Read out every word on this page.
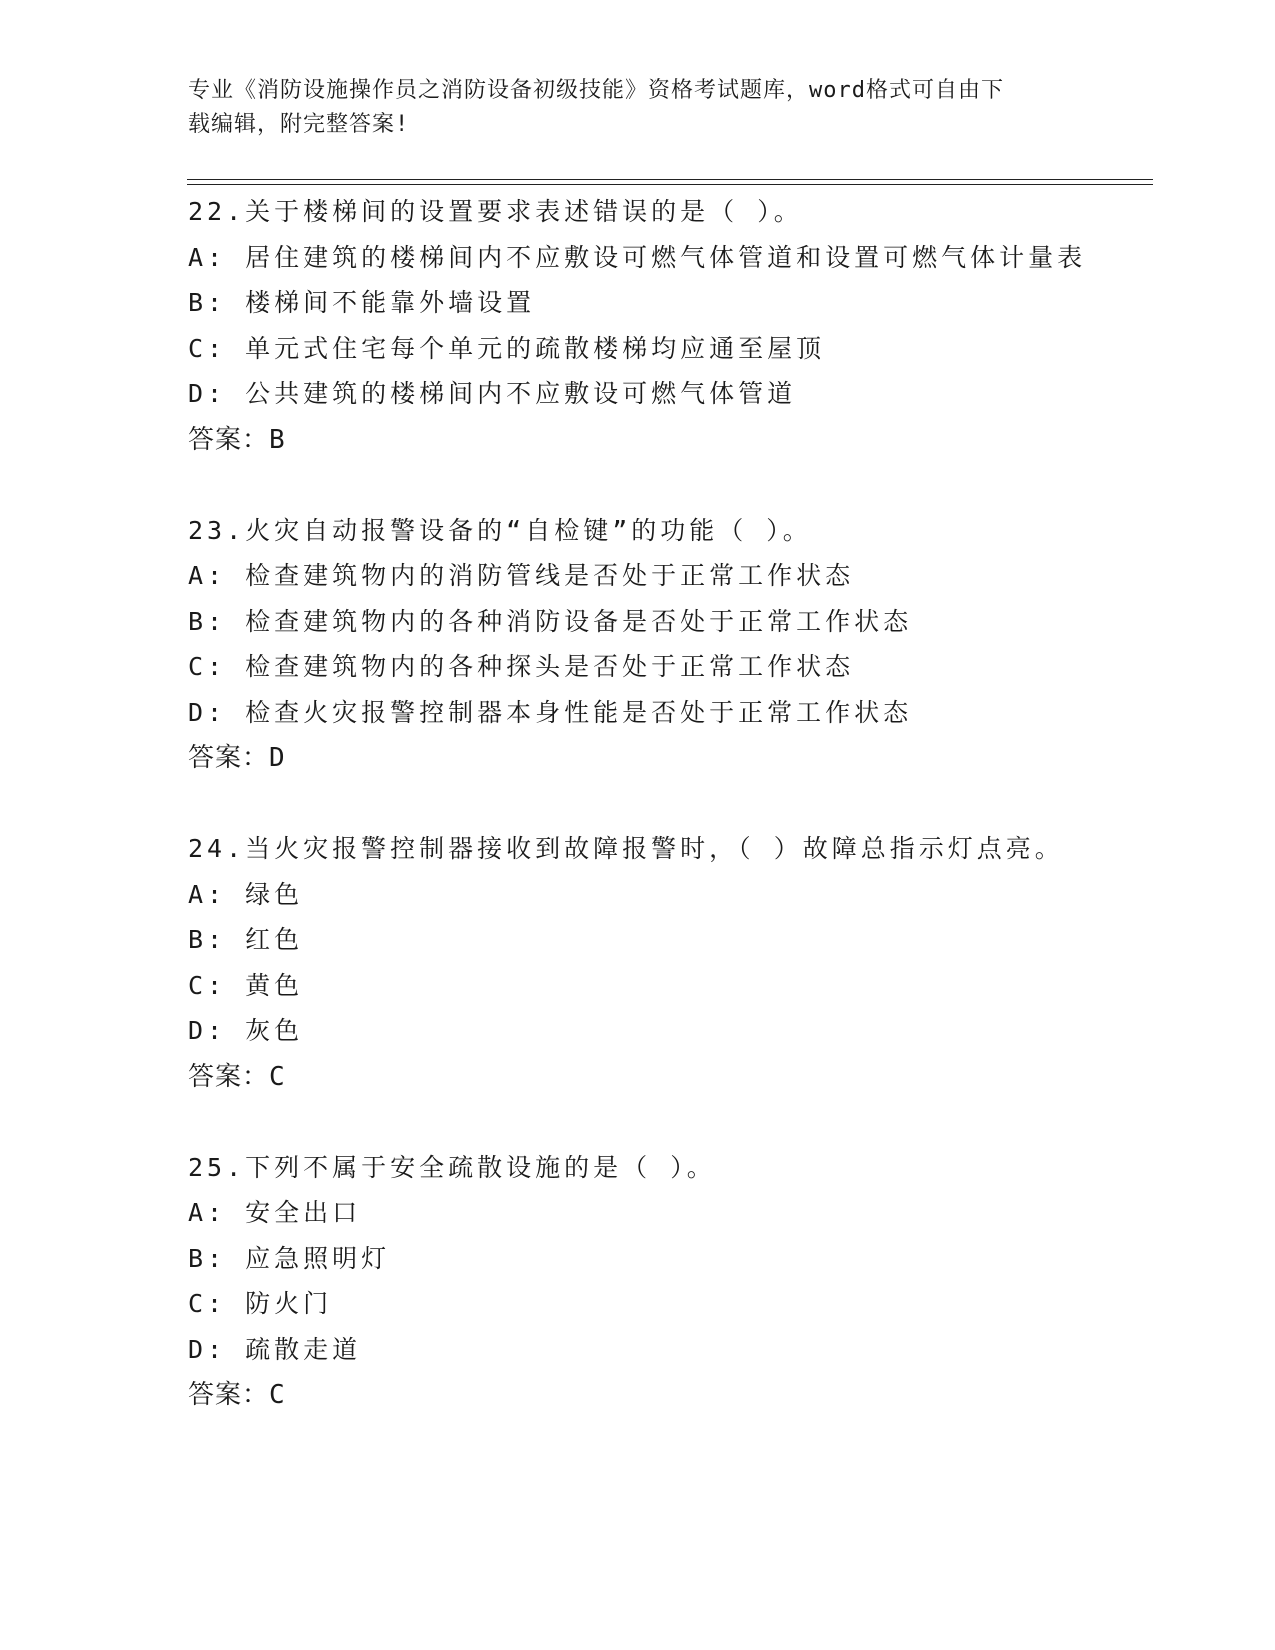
专业《消防设施操作员之消防设备初级技能》资格考试题库，word格式可自由下
载编辑，附完整答案!
22.关于楼梯间的设置要求表述错误的是（ ）。
A: 居住建筑的楼梯间内不应敷设可燃气体管道和设置可燃气体计量表
B: 楼梯间不能靠外墙设置
C: 单元式住宅每个单元的疏散楼梯均应通至屋顶
D: 公共建筑的楼梯间内不应敷设可燃气体管道
答案：B
23.火灾自动报警设备的“自检键”的功能（ ）。
A: 检查建筑物内的消防管线是否处于正常工作状态
B: 检查建筑物内的各种消防设备是否处于正常工作状态
C: 检查建筑物内的各种探头是否处于正常工作状态
D: 检查火灾报警控制器本身性能是否处于正常工作状态
答案：D
24.当火灾报警控制器接收到故障报警时，（ ）故障总指示灯点亮。
A: 绿色
B: 红色
C: 黄色
D: 灰色
答案：C
25.下列不属于安全疏散设施的是（ ）。
A: 安全出口
B: 应急照明灯
C: 防火门
D: 疏散走道
答案：C
